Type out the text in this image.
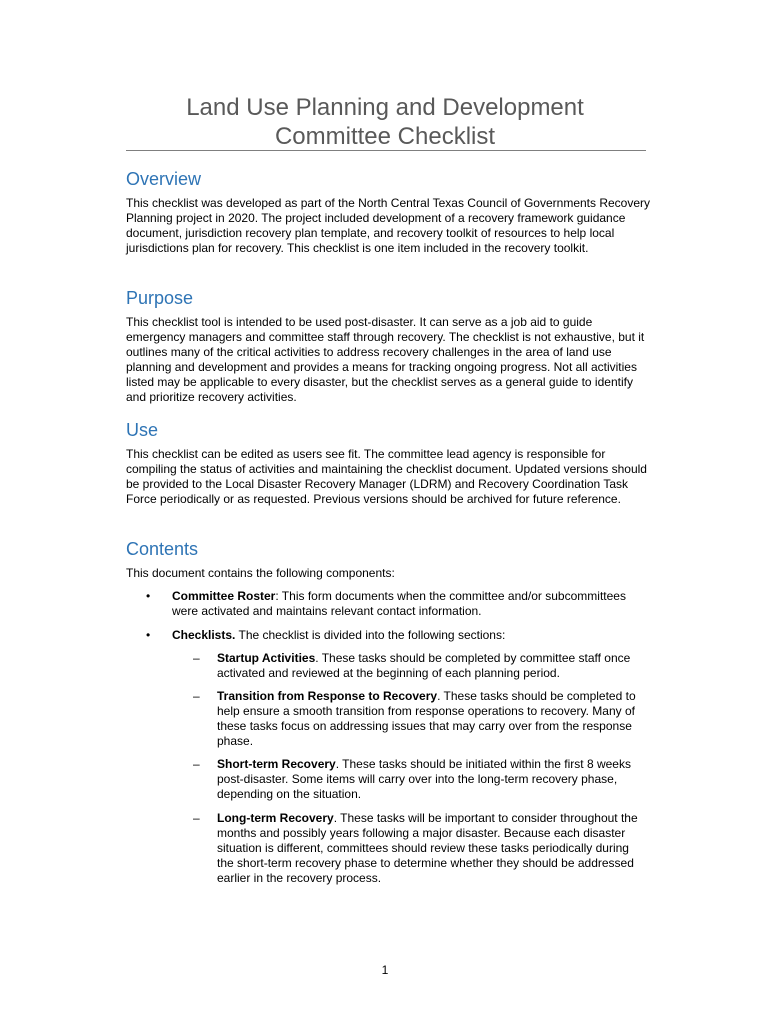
Land Use Planning and Development
Committee Checklist
Overview
This checklist was developed as part of the North Central Texas Council of Governments Recovery Planning project in 2020. The project included development of a recovery framework guidance document, jurisdiction recovery plan template, and recovery toolkit of resources to help local jurisdictions plan for recovery. This checklist is one item included in the recovery toolkit.
Purpose
This checklist tool is intended to be used post-disaster. It can serve as a job aid to guide emergency managers and committee staff through recovery. The checklist is not exhaustive, but it outlines many of the critical activities to address recovery challenges in the area of land use planning and development and provides a means for tracking ongoing progress. Not all activities listed may be applicable to every disaster, but the checklist serves as a general guide to identify and prioritize recovery activities.
Use
This checklist can be edited as users see fit. The committee lead agency is responsible for compiling the status of activities and maintaining the checklist document. Updated versions should be provided to the Local Disaster Recovery Manager (LDRM) and Recovery Coordination Task Force periodically or as requested. Previous versions should be archived for future reference.
Contents
This document contains the following components:
• Committee Roster: This form documents when the committee and/or subcommittees were activated and maintains relevant contact information.
• Checklists. The checklist is divided into the following sections:
– Startup Activities. These tasks should be completed by committee staff once activated and reviewed at the beginning of each planning period.
– Transition from Response to Recovery. These tasks should be completed to help ensure a smooth transition from response operations to recovery. Many of these tasks focus on addressing issues that may carry over from the response phase.
– Short-term Recovery. These tasks should be initiated within the first 8 weeks post-disaster. Some items will carry over into the long-term recovery phase, depending on the situation.
– Long-term Recovery. These tasks will be important to consider throughout the months and possibly years following a major disaster. Because each disaster situation is different, committees should review these tasks periodically during the short-term recovery phase to determine whether they should be addressed earlier in the recovery process.
1
